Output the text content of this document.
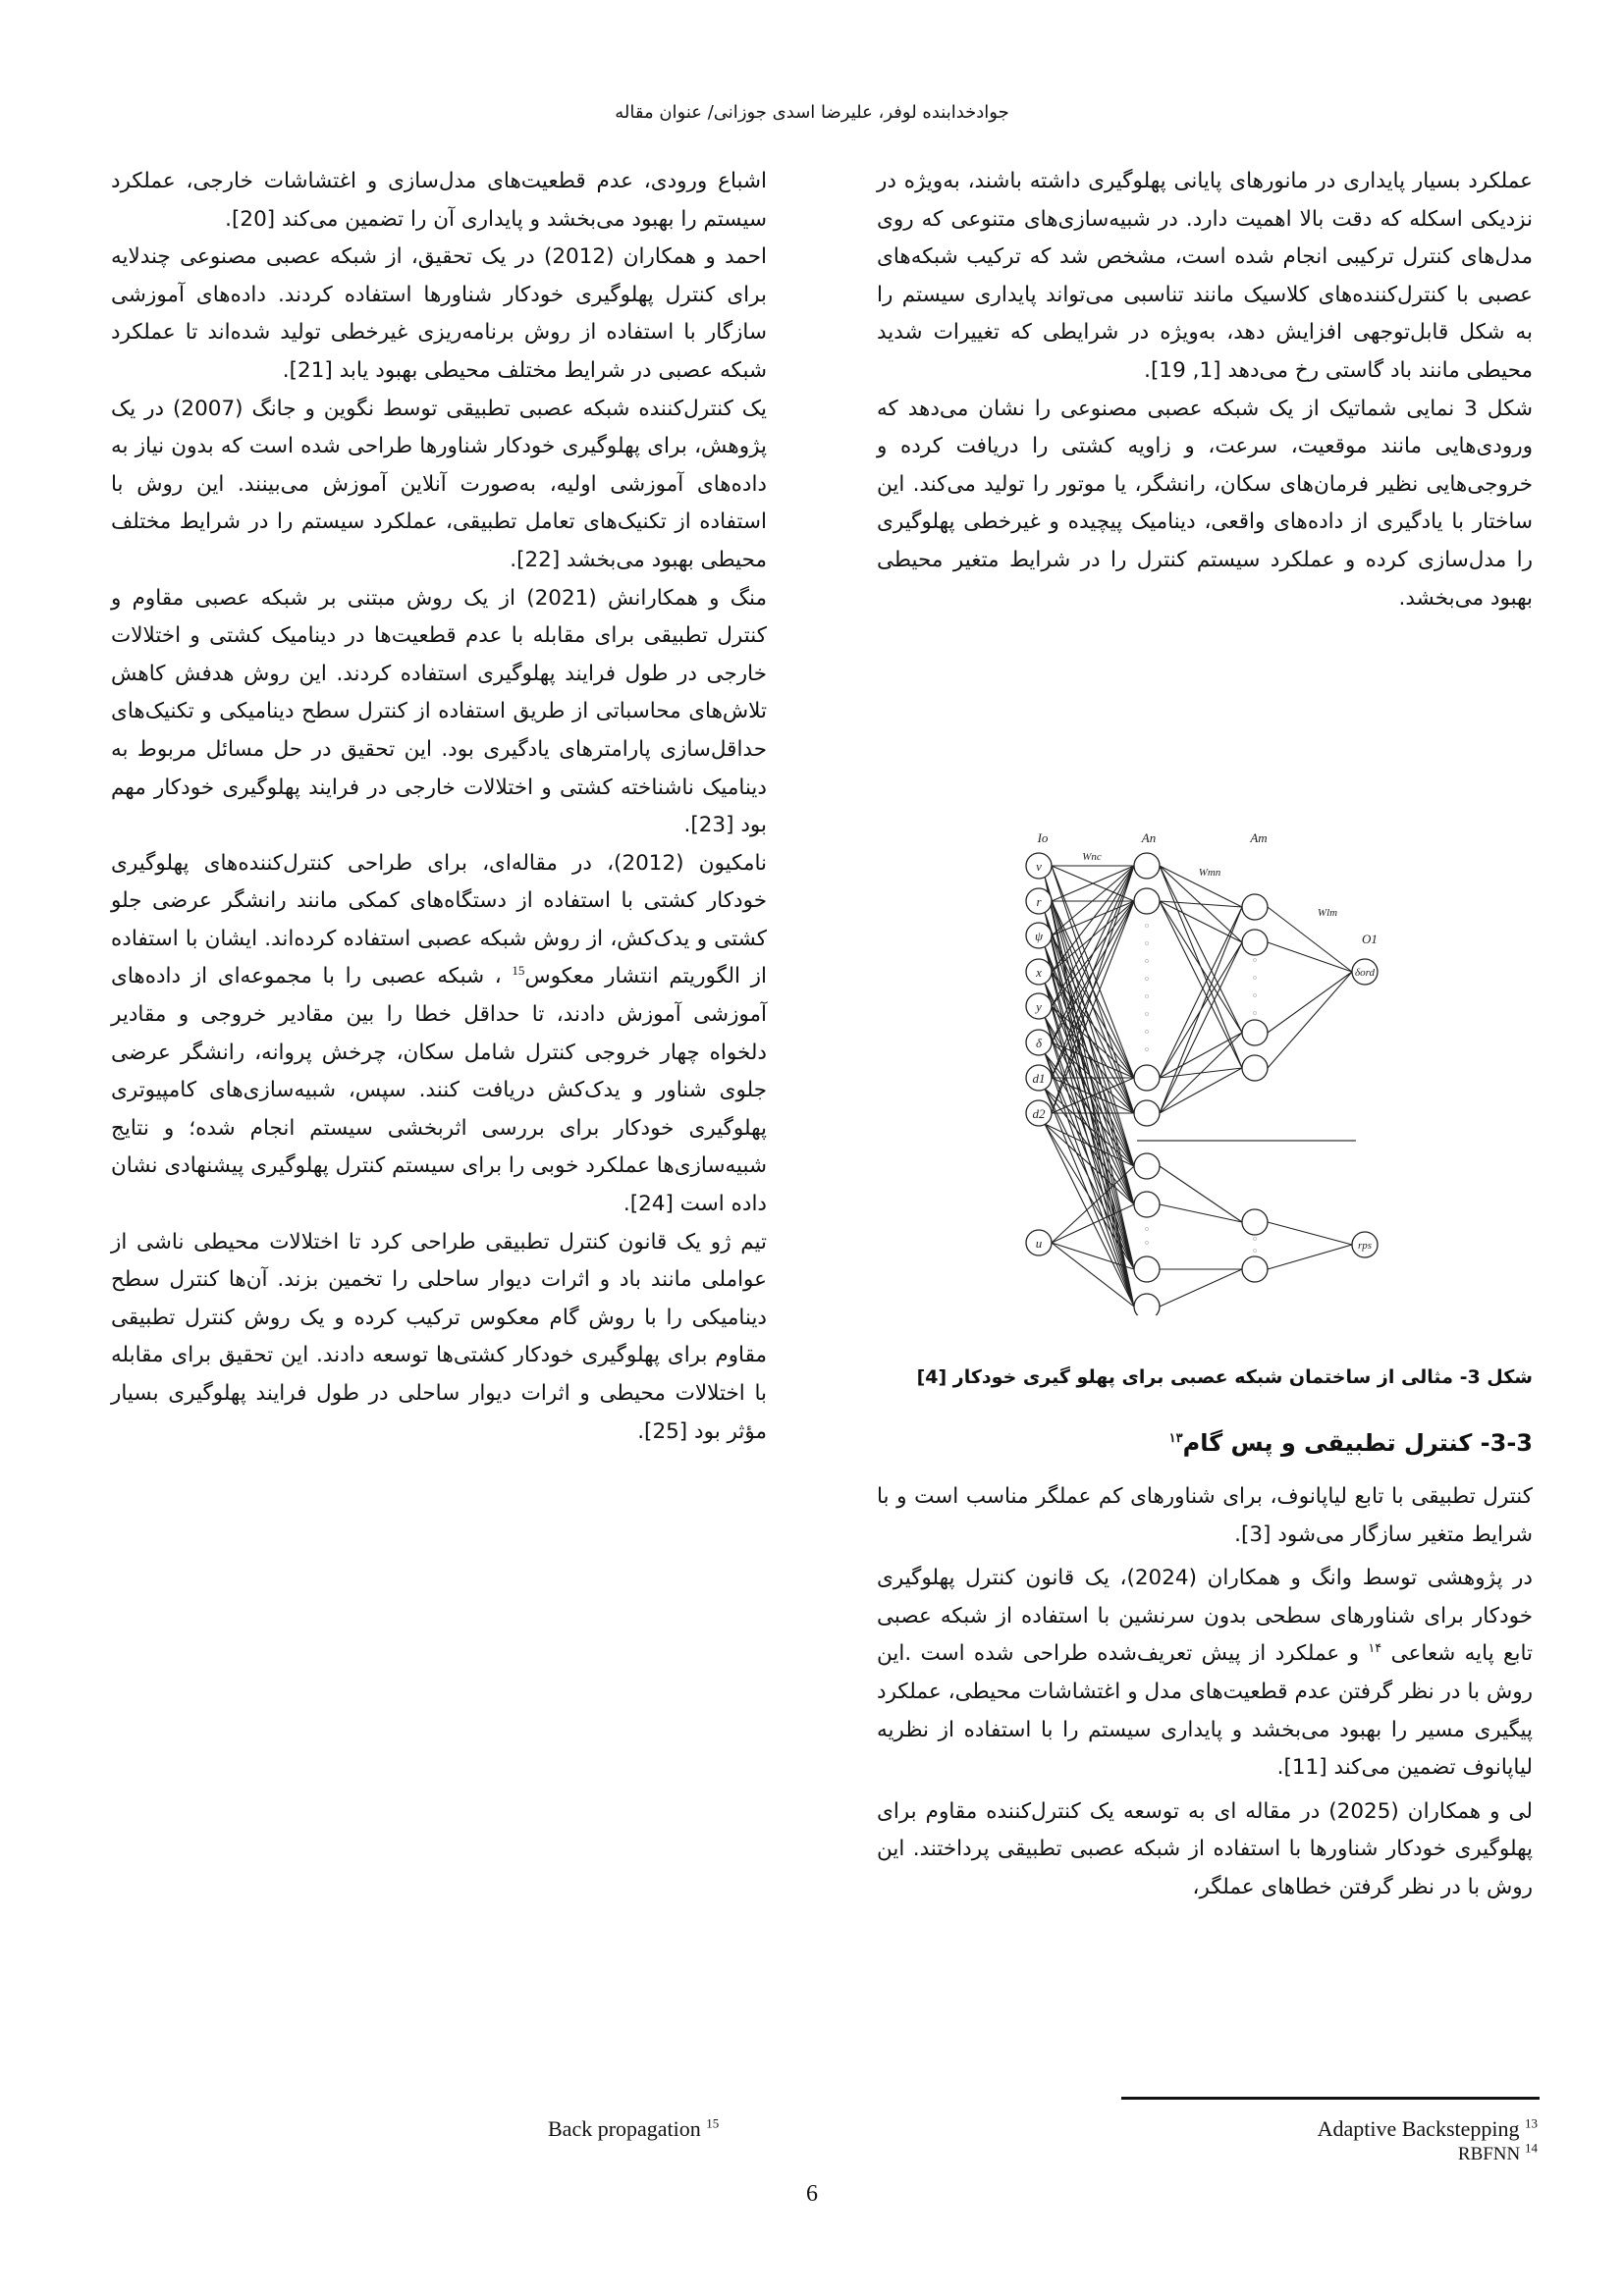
جوادخدابنده لوفر، علیرضا اسدی جوزانی/ عنوان مقاله

عملکرد بسیار پایداری در مانورهای پایانی پهلوگیری داشته باشند، به‌ویژه در نزدیکی اسکله که دقت بالا اهمیت دارد. در شبیه‌سازی‌های متنوعی که روی مدل‌های کنترل ترکیبی انجام شده است، مشخص شد که ترکیب شبکه‌های عصبی با کنترل‌کننده‌های کلاسیک مانند تناسبی می‌تواند پایداری سیستم را به شکل قابل‌توجهی افزایش دهد، به‌ویژه در شرایطی که تغییرات شدید محیطی مانند باد گاستی رخ می‌دهد [1, 19].

شکل 3 نمایی شماتیک از یک شبکه عصبی مصنوعی را نشان می‌دهد که ورودی‌هایی مانند موقعیت، سرعت، و زاویه کشتی را دریافت کرده و خروجی‌هایی نظیر فرمان‌های سکان، رانشگر، یا موتور را تولید می‌کند. این ساختار با یادگیری از داده‌های واقعی، دینامیک پیچیده و غیرخطی پهلوگیری را مدل‌سازی کرده و عملکرد سیستم کنترل را در شرایط متغیر محیطی بهبود می‌بخشد.

Io	An	Am
O1
Wnc
Wmn
Wlm
v
r
ψ
x
y
δ
d1
d2
u
δord
rps
شکل 3- مثالی از ساختمان شبکه عصبی برای پهلو گیری خودکار [4]
3-3- کنترل تطبیقی و پس گام$^{۱۳}$

کنترل تطبیقی با تابع لیاپانوف، برای شناورهای کم عملگر مناسب است و با شرایط متغیر سازگار می‌شود [3].

در پژوهشی توسط وانگ و همکاران (2024)، یک قانون کنترل پهلوگیری خودکار برای شناورهای سطحی بدون سرنشین با استفاده از شبکه عصبی تابع پایه شعاعی $^{۱۴}$ و عملکرد از پیش تعریف‌شده طراحی شده است .این روش با در نظر گرفتن عدم قطعیت‌های مدل و اغتشاشات محیطی، عملکرد پیگیری مسیر را بهبود می‌بخشد و پایداری سیستم را با استفاده از نظریه لیاپانوف تضمین می‌کند [11].

لی و همکاران (2025) در مقاله ای به توسعه یک کنترل‌کننده مقاوم برای پهلوگیری خودکار شناورها با استفاده از شبکه عصبی تطبیقی پرداختند. این روش با در نظر گرفتن خطاهای عملگر،

اشباع ورودی، عدم قطعیت‌های مدل‌سازی و اغتشاشات خارجی، عملکرد سیستم را بهبود می‌بخشد و پایداری آن را تضمین می‌کند [20].

احمد و همکاران (2012) در یک تحقیق، از شبکه عصبی مصنوعی چندلایه برای کنترل پهلوگیری خودکار شناورها استفاده کردند. داده‌های آموزشی سازگار با استفاده از روش برنامه‌ریزی غیرخطی تولید شده‌اند تا عملکرد شبکه عصبی در شرایط مختلف محیطی بهبود یابد [21].

یک کنترل‌کننده شبکه عصبی تطبیقی توسط نگوین و جانگ (2007) در یک پژوهش، برای پهلوگیری خودکار شناورها طراحی شده است که بدون نیاز به داده‌های آموزشی اولیه، به‌صورت آنلاین آموزش می‌بینند. این روش با استفاده از تکنیک‌های تعامل تطبیقی، عملکرد سیستم را در شرایط مختلف محیطی بهبود می‌بخشد [22].

منگ و همکارانش (2021) از یک روش مبتنی بر شبکه عصبی مقاوم و کنترل تطبیقی برای مقابله با عدم قطعیت‌ها در دینامیک کشتی و اختلالات خارجی در طول فرایند پهلوگیری استفاده کردند. این روش هدفش کاهش تلاش‌های محاسباتی از طریق استفاده از کنترل سطح دینامیکی و تکنیک‌های حداقل‌سازی پارامترهای یادگیری بود. این تحقیق در حل مسائل مربوط به دینامیک ناشناخته کشتی و اختلالات خارجی در فرایند پهلوگیری خودکار مهم بود [23].

نامکیون (2012)، در مقاله‌ای، برای طراحی کنترل‌کننده‌های پهلوگیری خودکار کشتی با استفاده از دستگاه‌های کمکی مانند رانشگر عرضی جلو کشتی و یدک‌کش، از روش شبکه عصبی استفاده کرده‌اند. ایشان با استفاده از الگوریتم انتشار معکوس$^{15}$ ، شبکه عصبی را با مجموعه‌ای از داده‌های آموزشی آموزش دادند، تا حداقل خطا را بین مقادیر خروجی و مقادیر دلخواه چهار خروجی کنترل شامل سکان، چرخش پروانه، رانشگر عرضی جلوی شناور و یدک‌کش دریافت کنند. سپس، شبیه‌سازی‌های کامپیوتری پهلوگیری خودکار برای بررسی اثربخشی سیستم انجام شده؛ و نتایج شبیه‌سازی‌ها عملکرد خوبی را برای سیستم کنترل پهلوگیری پیشنهادی نشان داده است [24].

تیم ژو یک قانون کنترل تطبیقی طراحی کرد تا اختلالات محیطی ناشی از عواملی مانند باد و اثرات دیوار ساحلی را تخمین بزند. آن‌ها کنترل سطح دینامیکی را با روش گام معکوس ترکیب کرده و یک روش کنترل تطبیقی مقاوم برای پهلوگیری خودکار کشتی‌ها توسعه دادند. این تحقیق برای مقابله با اختلالات محیطی و اثرات دیوار ساحلی در طول فرایند پهلوگیری بسیار مؤثر بود [25].

Adaptive Backstepping $^{13}$
RBFNN $^{14}$
Back propagation $^{15}$
6
